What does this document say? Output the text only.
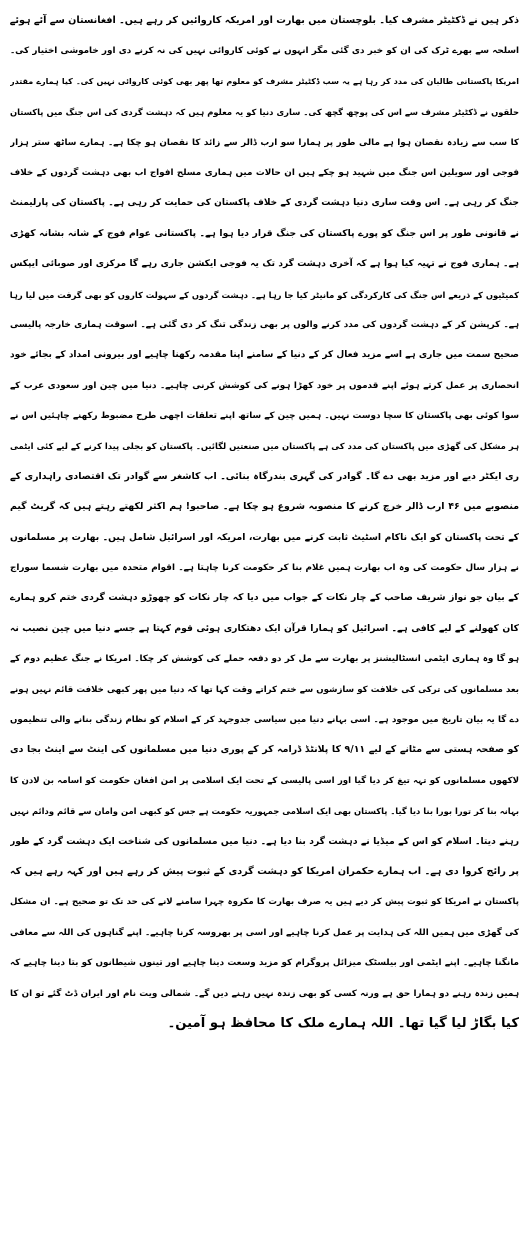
ذکر ہیں نے ڈکٹیٹر مشرف کیا۔ بلوچستان میں بھارت اور امریکہ کاروائیں کر رہے ہیں۔ افغانستان سے آئے ہوئے
اسلحہ سے بھرے ٹرک کی ان کو خبر دی گئی مگر انہوں نے کوئی کاروائی نہیں کی نہ کرنے دی اور خاموشی اختیار کی۔
امریکا پاکستانی طالبان کی مدد کر رہا ہے یہ سب ڈکٹیٹر مشرف کو معلوم تھا پھر بھی کوئی کاروائی نہیں کی۔ کیا ہمارے مقتدر
حلقوں نے ڈکٹیٹر مشرف سے اس کی پوچھ گچھ کی۔ ساری دنیا کو یہ معلوم ہیں کہ دہشت گردی کی اس جنگ میں پاکستان
کا سب سے زیادہ نقصان ہوا ہے مالی طور پر ہمارا سو ارب ڈالر سے زائد کا نقصان ہو چکا ہے۔ ہمارے ساٹھ ستر ہزار
فوجی اور سویلین اس جنگ میں شہید ہو چکے ہیں ان حالات میں ہماری مسلح افواج اب بھی دہشت گردوں کے خلاف
جنگ کر رہی ہے۔ اس وقت ساری دنیا دہشت گردی کے خلاف پاکستان کی حمایت کر رہی ہے۔ پاکستان کی پارلیمنٹ
نے قانونی طور پر اس جنگ کو پورے پاکستان کی جنگ قرار دیا ہوا ہے۔ پاکستانی عوام فوج کے شانہ بشانہ کھڑی
ہے۔ ہماری فوج نے تہیہ کیا ہوا ہے کہ آخری دہشت گرد تک یہ فوجی ایکشن جاری رہے گا مرکزی اور صوبائی ایپکس
کمیٹیوں کے ذریعے اس جنگ کی کارکردگی کو مانیٹر کیا جا رہا ہے۔ دہشت گردوں کے سہولت کاروں کو بھی گرفت میں لیا رہا
ہے۔ کرپشن کر کے دہشت گردوں کی مدد کرنے والوں پر بھی زندگی تنگ کر دی گئی ہے۔ اسوقت ہماری خارجہ پالیسی
صحیح سمت میں جاری ہے اسے مزید فعال کر کے دنیا کے سامنے اپنا مقدمہ رکھنا چاہیے اور بیرونی امداد کے بجائے خود
انحصاری پر عمل کرتے ہوئے اپنے قدموں پر خود کھڑا ہونے کی کوشش کرنی چاہیے۔ دنیا میں چین اور سعودی عرب کے
سوا کوئی بھی پاکستان کا سچا دوست نہیں۔ ہمیں چین کے ساتھ اپنے تعلقات اچھی طرح مضبوط رکھنے چاہئیں اس نے
ہر مشکل کی گھڑی میں پاکستان کی مدد کی ہے پاکستان میں صنعتیں لگائیں۔ پاکستان کو بجلی پیدا کرنے کے لیے کئی ایٹمی
ری ایکٹر دیے اور مزید بھی دے گا۔ گوادر کی گہری بندرگاہ بنائی۔ اب کاشغر سے گوادر تک اقتصادی راہداری کے
منصوبے میں ۴۶ ارب ڈالر خرچ کرنے کا منصوبہ شروع ہو چکا ہے۔ صاحبو! ہم اکثر لکھتے رہتے ہیں کہ گریٹ گیم
کے تحت پاکستان کو ایک ناکام اسٹیٹ ثابت کرنے میں بھارت، امریکہ اور اسرائیل شامل ہیں۔ بھارت پر مسلمانوں
نے ہزار سال حکومت کی وہ اب بھارت ہمیں غلام بنا کر حکومت کرنا چاہتا ہے۔ اقوام متحدہ میں بھارت شسما سوراج
کے بیان جو نواز شریف صاحب کے چار نکات کے جواب میں دیا کہ چار نکات کو چھوڑو دہشت گردی ختم کرو ہمارے
کان کھولنے کے لیے کافی ہے۔ اسرائیل کو ہمارا قرآن ایک دھتکاری ہوئی قوم کہتا ہے جسے دنیا میں چین نصیب نہ
ہو گا وہ ہماری ایٹمی انسٹالیشنز پر بھارت سے مل کر دو دفعہ حملے کی کوشش کر چکا۔ امریکا نے جنگ عظیم دوم کے
بعد مسلمانوں کی ترکی کی خلافت کو سازشوں سے ختم کراتے وقت کہا تھا کہ دنیا میں پھر کبھی خلافت قائم نہیں ہونے
دے گا یہ بیان تاریخ میں موجود ہے۔ اسی بہانے دنیا میں سیاسی جدوجہد کر کے اسلام کو نظام زندگی بنانے والی تنظیموں
کو صفحہ ہستی سے مٹانے کے لیے ۹/۱۱ کا پلانٹڈ ڈرامہ کر کے پوری دنیا میں مسلمانوں کی اینٹ سے اینٹ بجا دی
لاکھوں مسلمانوں کو تہہ تیغ کر دیا گیا اور اسی پالیسی کے تحت ایک اسلامی پر امن افغان حکومت کو اسامہ بن لادن کا
بہانہ بنا کر تورا بورا بنا دیا گیا۔ پاکستان بھی ایک اسلامی جمہوریہ حکومت ہے جس کو کبھی امن وامان سے قائم ودائم نہیں
رہنے دیتا۔ اسلام کو اس کے میڈیا نے دہشت گرد بنا دیا ہے۔ دنیا میں مسلمانوں کی شناخت ایک دہشت گرد کے طور
پر رائج کروا دی ہے۔ اب ہمارے حکمران امریکا کو دہشت گردی کے ثبوت پیش کر رہے ہیں اور کہہ رہے ہیں کہ
پاکستان نے امریکا کو ثبوت پیش کر دیے ہیں یہ صرف بھارت کا مکروہ چہرا سامنے لانے کی حد تک تو صحیح ہے۔ ان مشکل
کی گھڑی میں ہمیں اللہ کی ہدایت پر عمل کرنا چاہیے اور اسی پر بھروسہ کرنا چاہیے۔ اپنے گناہوں کی اللہ سے معافی
مانگنا چاہیے۔ اپنے ایٹمی اور بیلسٹک میزائل پروگرام کو مزید وسعت دینا چاہیے اور تینوں شیطانوں کو بتا دینا چاہیے کہ
ہمیں زندہ رہنے دو ہمارا حق ہے ورنہ کسی کو بھی زندہ نہیں رہنے دیں گے۔ شمالی ویت نام اور ایران ڈٹ گئے تو ان کا
کیا بگاڑ لیا گیا تھا۔ اللہ ہمارے ملک کا محافظ ہو آمین۔
